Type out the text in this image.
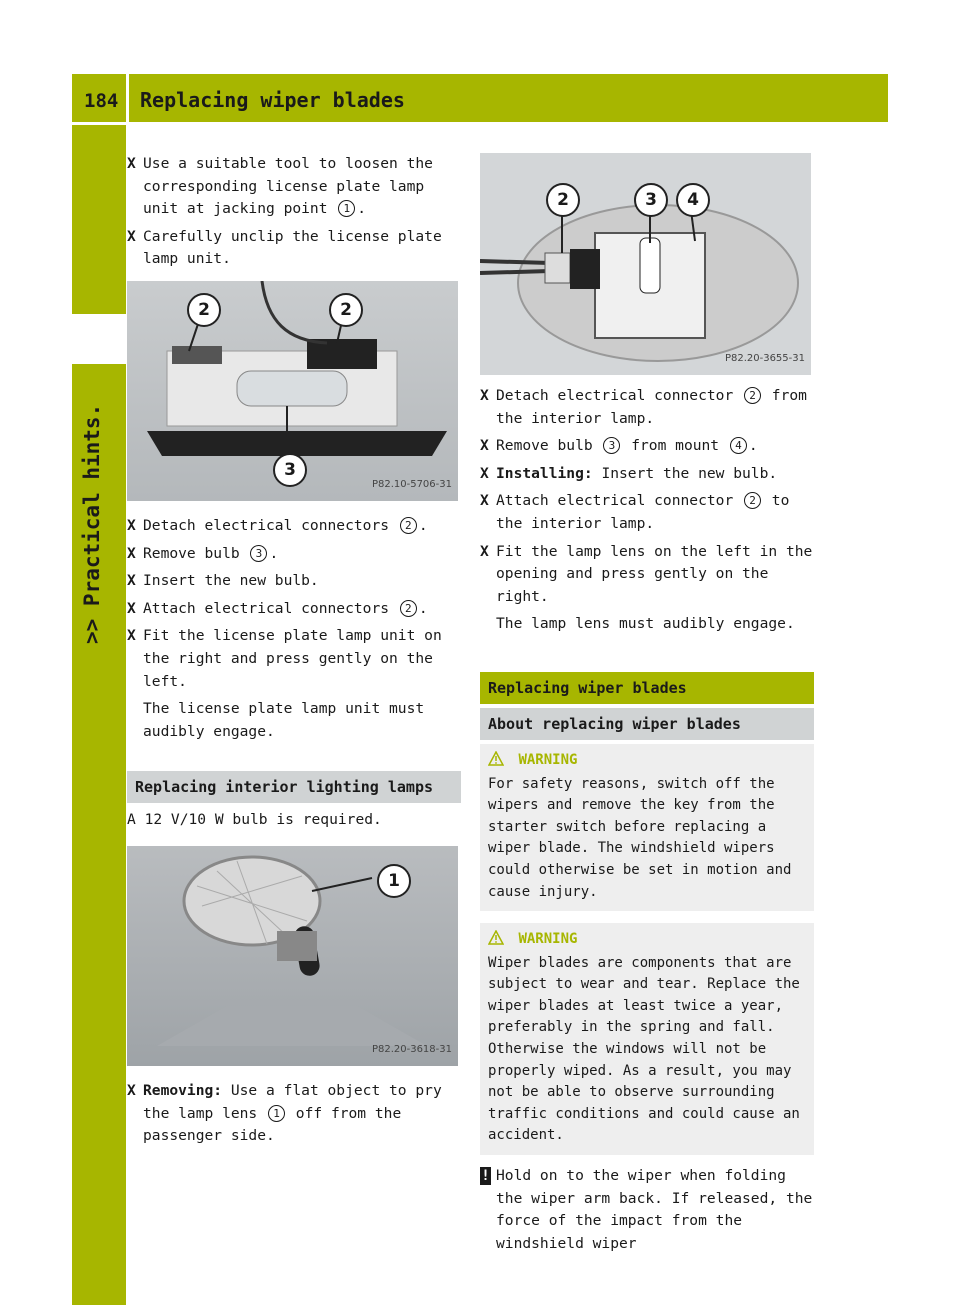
184 Replacing wiper blades
>> Practical hints.
X Use a suitable tool to loosen the corresponding license plate lamp unit at jacking point 1 .
X Carefully unclip the license plate lamp unit.
2	2
3
P82.10-5706-31
X Detach electrical connectors 2 .
X Remove bulb 3 .
X Insert the new bulb.
X Attach electrical connectors 2 .
X Fit the license plate lamp unit on the right and press gently on the left.
The license plate lamp unit must audibly engage.
Replacing interior lighting lamps
A 12 V/10 W bulb is required.
1
P82.20-3618-31
X Removing: Use a flat object to pry the lamp lens 1 off from the passenger side.
2	3	4
P82.20-3655-31
X Detach electrical connector 2 from the interior lamp.
X Remove bulb 3 from mount 4 .
X Installing: Insert the new bulb.
X Attach electrical connector 2 to the interior lamp.
X Fit the lamp lens on the left in the opening and press gently on the right.
The lamp lens must audibly engage.
Replacing wiper blades
About replacing wiper blades
WARNING
For safety reasons, switch off the wipers and remove the key from the starter switch before replacing a wiper blade. The windshield wipers could otherwise be set in motion and cause injury.
WARNING
Wiper blades are components that are subject to wear and tear. Replace the wiper blades at least twice a year, preferably in the spring and fall. Otherwise the windows will not be properly wiped. As a result, you may not be able to observe surrounding traffic conditions and could cause an accident.
! Hold on to the wiper when folding the wiper arm back. If released, the force of the impact from the windshield wiper
